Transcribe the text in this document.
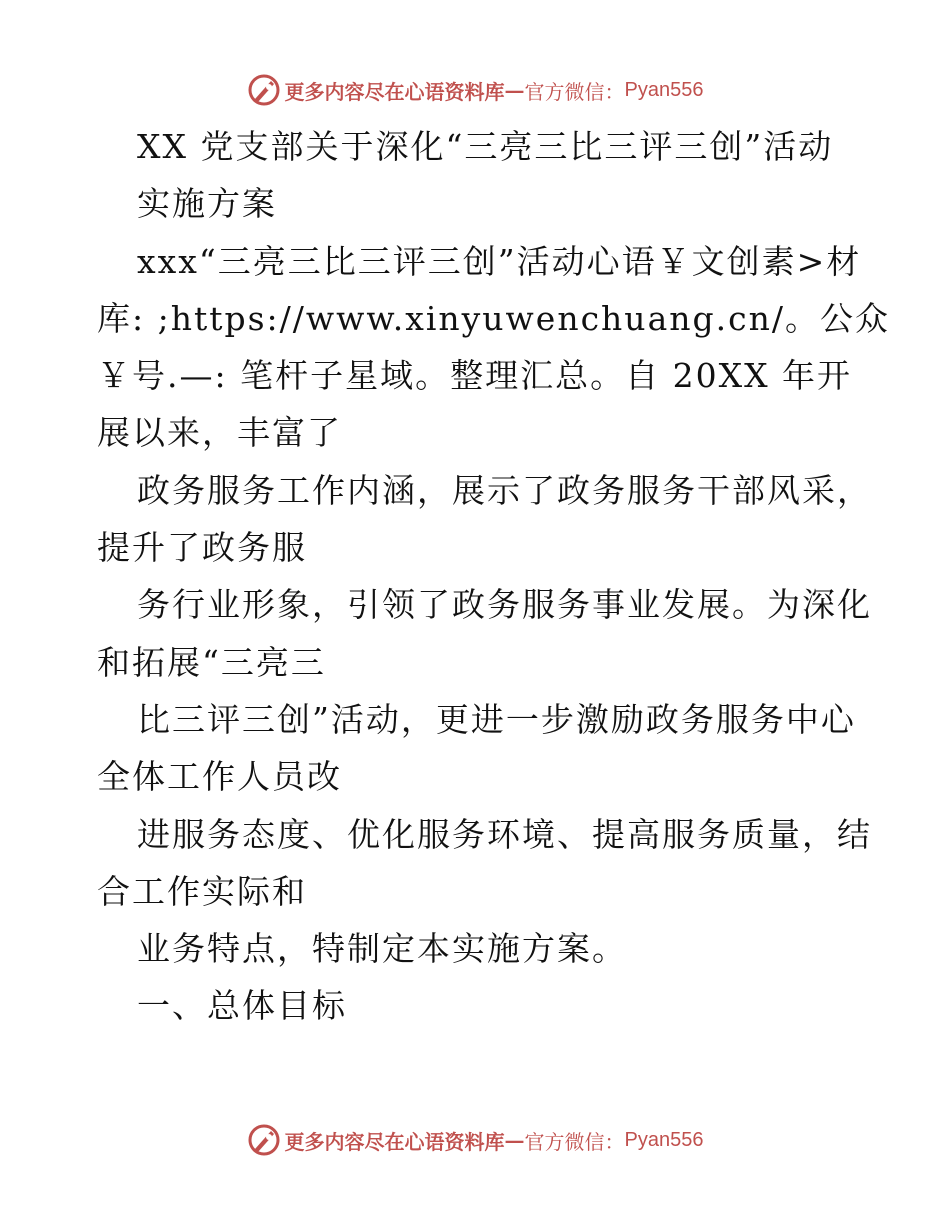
更多内容尽在心语资料库 — 官方微信： Pyan556
XX 党支部关于深化“三亮三比三评三创”活动
实施方案
xxx“三亮三比三评三创”活动心语￥文创素>材
库: ;https://www.xinyuwenchuang.cn/。公众
￥号.—: 笔杆子星域。整理汇总。自 20XX 年开
展以来，丰富了
政务服务工作内涵，展示了政务服务干部风采，
提升了政务服
务行业形象，引领了政务服务事业发展。为深化
和拓展“三亮三
比三评三创”活动，更进一步激励政务服务中心
全体工作人员改
进服务态度、优化服务环境、提高服务质量，结
合工作实际和
业务特点，特制定本实施方案。
一、总体目标
更多内容尽在心语资料库 — 官方微信： Pyan556
